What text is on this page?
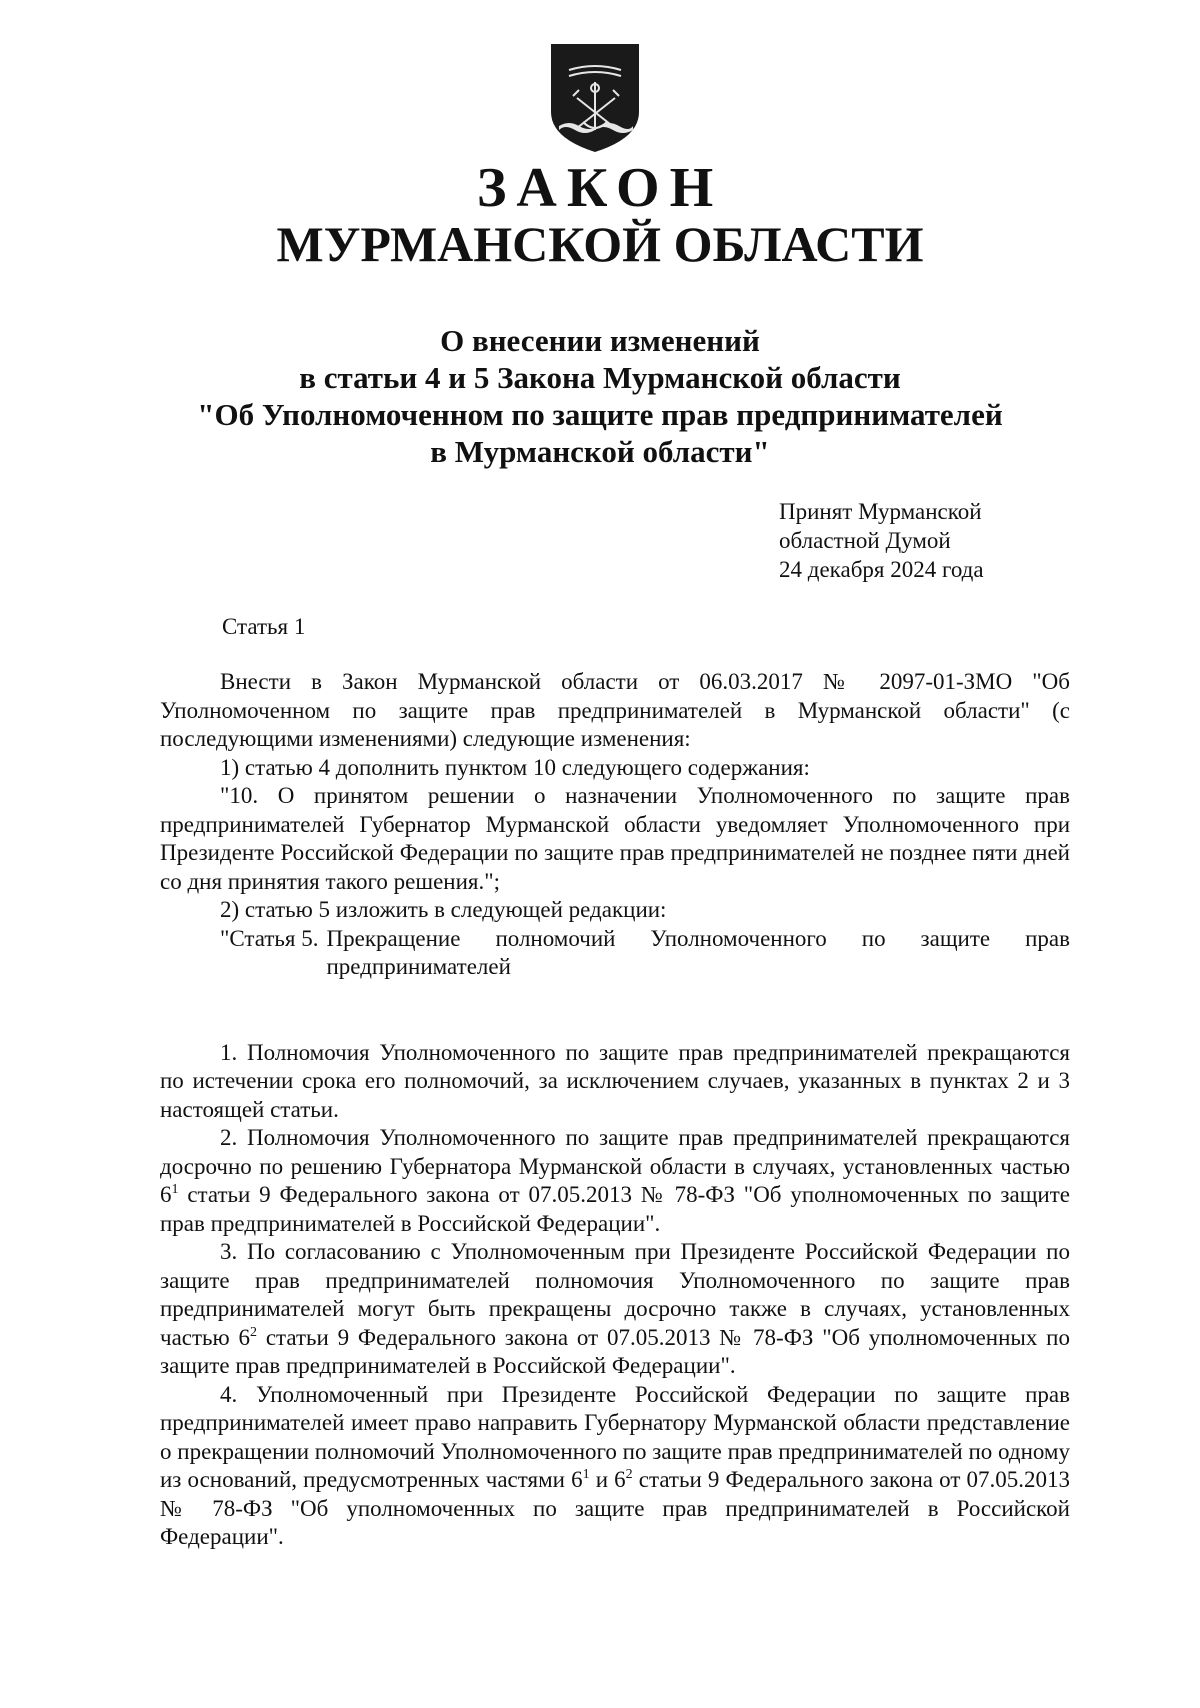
ЗАКОН
МУРМАНСКОЙ ОБЛАСТИ
О внесении изменений
в статьи 4 и 5 Закона Мурманской области
"Об Уполномоченном по защите прав предпринимателей
в Мурманской области"
Принят Мурманской
областной Думой
24 декабря 2024 года
Статья 1

Внести в Закон Мурманской области от 06.03.2017 № 2097-01-ЗМО "Об Уполномоченном по защите прав предпринимателей в Мурманской области" (с последующими изменениями) следующие изменения:

1) статью 4 дополнить пунктом 10 следующего содержания:

"10. О принятом решении о назначении Уполномоченного по защите прав предпринимателей Губернатор Мурманской области уведомляет Уполномоченного при Президенте Российской Федерации по защите прав предпринимателей не позднее пяти дней со дня принятия такого решения.";

2) статью 5 изложить в следующей редакции:

"Статья 5. Прекращение полномочий Уполномоченного по защите прав предпринимателей

1. Полномочия Уполномоченного по защите прав предпринимателей прекращаются по истечении срока его полномочий, за исключением случаев, указанных в пунктах 2 и 3 настоящей статьи.

2. Полномочия Уполномоченного по защите прав предпринимателей прекращаются досрочно по решению Губернатора Мурманской области в случаях, установленных частью $6^1$ статьи 9 Федерального закона от 07.05.2013 № 78-ФЗ "Об уполномоченных по защите прав предпринимателей в Российской Федерации".

3. По согласованию с Уполномоченным при Президенте Российской Федерации по защите прав предпринимателей полномочия Уполномоченного по защите прав предпринимателей могут быть прекращены досрочно также в случаях, установленных частью $6^2$ статьи 9 Федерального закона от 07.05.2013 № 78-ФЗ "Об уполномоченных по защите прав предпринимателей в Российской Федерации".

4. Уполномоченный при Президенте Российской Федерации по защите прав предпринимателей имеет право направить Губернатору Мурманской области представление о прекращении полномочий Уполномоченного по защите прав предпринимателей по одному из оснований, предусмотренных частями $6^1$ и $6^2$ статьи 9 Федерального закона от 07.05.2013 № 78-ФЗ "Об уполномоченных по защите прав предпринимателей в Российской Федерации".
